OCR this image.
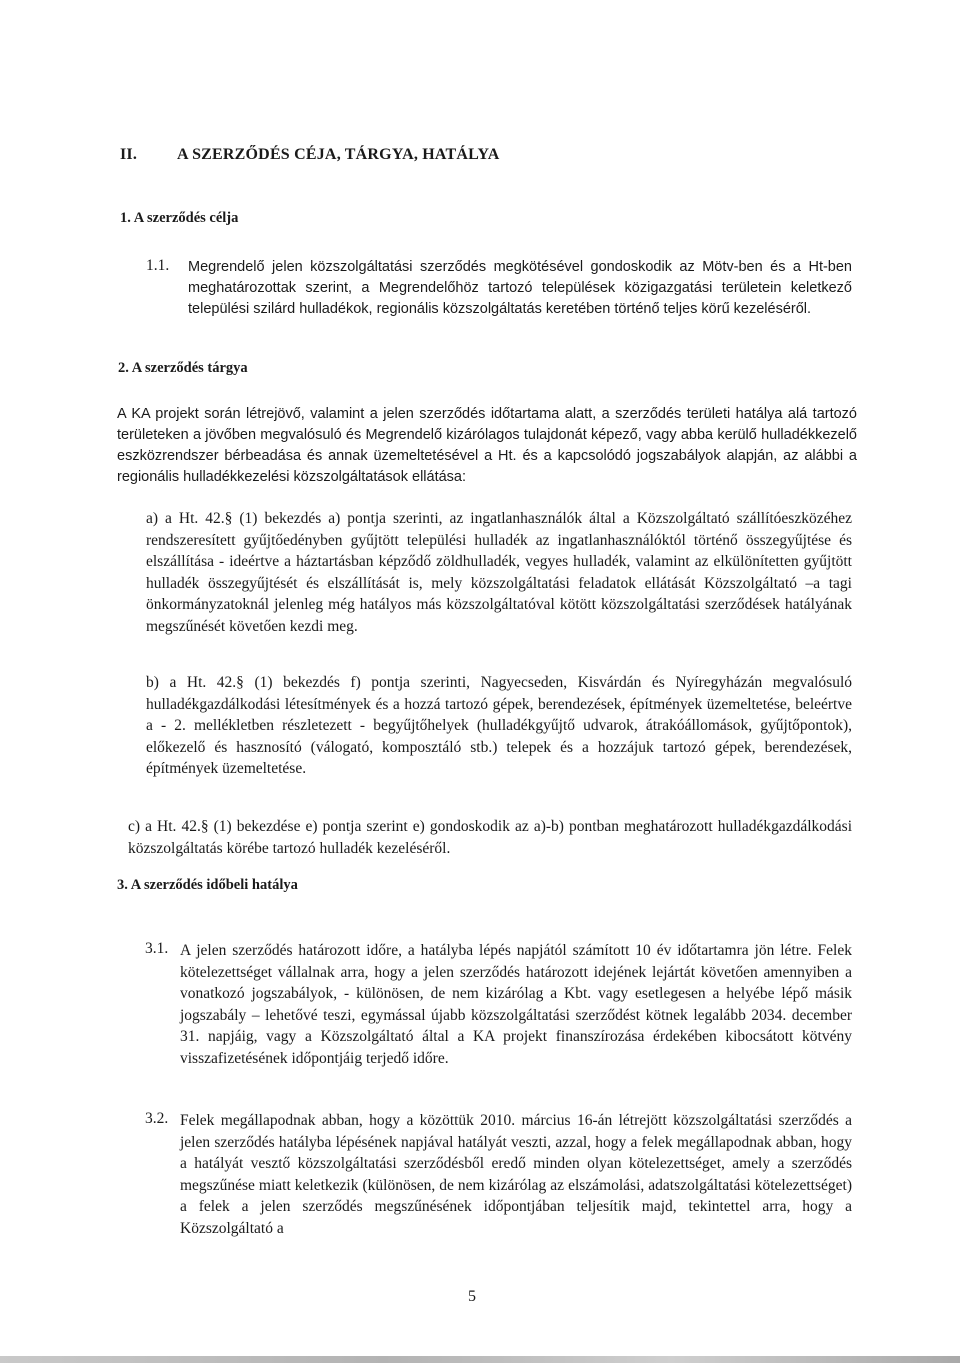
II. A SZERZŐDÉS CÉJA, TÁRGYA, HATÁLYA
1. A szerződés célja
1.1. Megrendelő jelen közszolgáltatási szerződés megkötésével gondoskodik az Mötv-ben és a Ht-ben meghatározottak szerint, a Megrendelőhöz tartozó települések közigazgatási területein keletkező települési szilárd hulladékok, regionális közszolgáltatás keretében történő teljes körű kezeléséről.

2. A szerződés tárgya

A KA projekt során létrejövő, valamint a jelen szerződés időtartama alatt, a szerződés területi hatálya alá tartozó területeken a jövőben megvalósuló és Megrendelő kizárólagos tulajdonát képező, vagy abba kerülő hulladékkezelő eszközrendszer bérbeadása és annak üzemeltetésével a Ht. és a kapcsolódó jogszabályok alapján, az alábbi a regionális hulladékkezelési közszolgáltatások ellátása:

a) a Ht. 42.§ (1) bekezdés a) pontja szerinti, az ingatlanhasználók által a Közszolgáltató szállítóeszközéhez rendszeresített gyűjtőedényben gyűjtött települési hulladék az ingatlanhasználóktól történő összegyűjtése és elszállítása - ideértve a háztartásban képződő zöldhulladék, vegyes hulladék, valamint az elkülönítetten gyűjtött hulladék összegyűjtését és elszállítását is, mely közszolgáltatási feladatok ellátását Közszolgáltató –a tagi önkormányzatoknál jelenleg még hatályos más közszolgáltatóval kötött közszolgáltatási szerződések hatályának megszűnését követően kezdi meg.

b) a Ht. 42.§ (1) bekezdés f) pontja szerinti, Nagyecseden, Kisvárdán és Nyíregyházán megvalósuló hulladékgazdálkodási létesítmények és a hozzá tartozó gépek, berendezések, építmények üzemeltetése, beleértve a - 2. mellékletben részletezett - begyűjtőhelyek (hulladékgyűjtő udvarok, átrakóállomások, gyűjtőpontok), előkezelő és hasznosító (válogató, komposztáló stb.) telepek és a hozzájuk tartozó gépek, berendezések, építmények üzemeltetése.

c) a Ht. 42.§ (1) bekezdése e) pontja szerint e) gondoskodik az a)-b) pontban meghatározott hulladékgazdálkodási közszolgáltatás körébe tartozó hulladék kezeléséről.

3. A szerződés időbeli hatálya
3.1. A jelen szerződés határozott időre, a hatályba lépés napjától számított 10 év időtartamra jön létre. Felek kötelezettséget vállalnak arra, hogy a jelen szerződés határozott idejének lejártát követően amennyiben a vonatkozó jogszabályok, - különösen, de nem kizárólag a Kbt. vagy esetlegesen a helyébe lépő másik jogszabály – lehetővé teszi, egymással újabb közszolgáltatási szerződést kötnek legalább 2034. december 31. napjáig, vagy a Közszolgáltató által a KA projekt finanszírozása érdekében kibocsátott kötvény visszafizetésének időpontjáig terjedő időre.

3.2. Felek megállapodnak abban, hogy a közöttük 2010. március 16-án létrejött közszolgáltatási szerződés a jelen szerződés hatályba lépésének napjával hatályát veszti, azzal, hogy a felek megállapodnak abban, hogy a hatályát vesztő közszolgáltatási szerződésből eredő minden olyan kötelezettséget, amely a szerződés megszűnése miatt keletkezik (különösen, de nem kizárólag az elszámolási, adatszolgáltatási kötelezettséget) a felek a jelen szerződés megszűnésének időpontjában teljesítik majd, tekintettel arra, hogy a Közszolgáltató a

5
